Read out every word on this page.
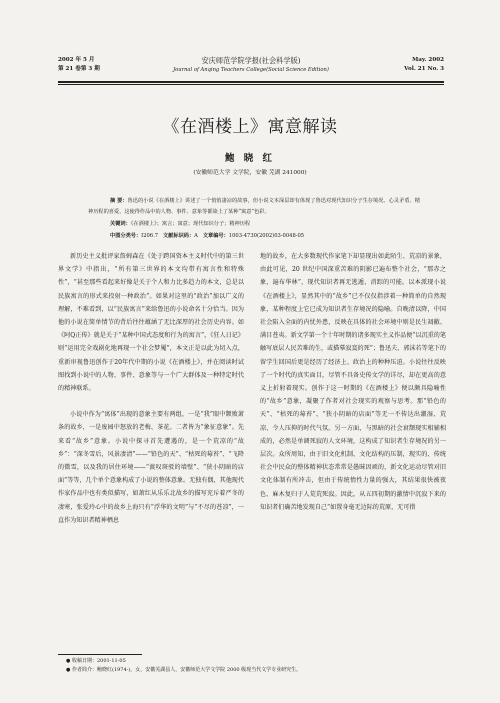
2002 年 5 月
第 21 卷第 3 期
安庆师范学院学报(社会科学版)
Journal of Anqing Teachers College(Social Science Edition)
May. 2002
Vol. 21 No. 3
《在酒楼上》寓意解读
鲍 晓 红
(安徽师范大学 文学院，安徽 芜湖 241000)
摘 要：鲁迅的小说《在酒楼上》讲述了一个悄悄凄凉的故事，但小说文本深层却有体现了鲁迅对现代知识分子生存境况、心灵矛盾、精神历程的喜爱、这使得作品中的人物、事件、意象等都染上了某种“寓意”色彩。
关键词：《在酒楼上》；寓言；寓意；现代知识分子；精神历程
中图分类号：I206.7 文献标识码：A 文章编号：1003-4730(2002)03-0048-05

新历史主义批评家詹姆森在《处于跨国资本主义时代中的第三世界文学》中指出，“所有第三世界的本文均带有寓言性和特殊性”，“甚至那些看起来好像是关于个人和力比多趋力的本文，总是以民族寓言的形式来投射一种政治”。如果对这里的“政治”加以广义的理解，不难看到，以“民族寓言”来给鲁迅的小说命名十分恰当。因为他的小说在简单情节的背后往往蕴涵了无比深厚的社会历史内容。如《阿Q正传》就是关于“某种中国式态度和行为的寓言”，《狂人日记》则“运用完全戏剧化地再现一个社会梦魇”，本文正是以此为切入点，重新审视鲁迅创作于20年代中期的小说《在酒楼上》，并在阅读时试图找到小说中的人物、事件、意象等与一个广大群体及一种特定时代的精神联系。

小说中作为“寓体”出现的意象主要有两组，一是“我”眼中颓败萧条的故乡，一是废园中怒放的老梅、茶花。二者皆为“象征意象”。先来看“故乡”意象。小说中探寻首先遭遇的，是一个荒凉的“故乡”：“深冬雪后，风景凄清”——“铅色的天”、“枯死的莓苔”、“飞降的微雪，以及我的居住环境——“渡叹斑驳的墙壁”、“狭小阴暗的店面”等等，几个单个意象构成了小说的整体意象。无独有偶，其他现代作家作品中也有类似描写，如萧红从乐乐北故乡的描写充斥着严冬的凄寒，张爱玲心中的故乡上海只有“浮华的文明”与“不尽的苍凉”，一直作为知识者精神栖息

地的故乡，在大多数现代作家笔下却显现出如此陌生、荒凉的景象，由此可见，20 世纪中国深重苦难的阴影已遍布整个社会，“那赤之象，遍布华林”，现代知识者再无逃遁、消踪的可能。以本派现小说《在酒楼上》，显然其中的“故乡”已不仅仅指涉着一种简单的自然现象，某种程度上它已成为知识者生存境况的隐喻。自晚清以降，中国社会陷入全面的内忧外患，反映在具体的社会环境中则是民生凋敝、满目苍夷。新文学第一个十年时期的诸多现实主义作品便“以沉重的笔触写底层人民苦难的生，或描摹寂寞的死”；鲁迅夫、郭沫若等笔下的留学生回国后更是经历了经济上、政治上的种种压迫。小说往往反映了一个时代的真实面目，尽管不具备史传文学的详尽，却在更高的意义上折射着现实。创作于这一时期的《在酒楼上》便以颇具隐喻性的“故乡”意象，凝聚了作者对社会现实的观察与思考。那“铅色的天”、“枯死的莓苔”、“狭小阴暗的店面”等无一不传达出潮湿、荒凉、令人压抑的时代气氛。另一方面，与黑暗的社会衰颓现实相辅相成的，必然是单调死寂的人文环境，这构成了知识者生存境况的另一层次。众所周知，由于旧文化机制、文化结构的压制，现实的、传统社会中民众的整体精神状态常常是愚昧因顽的，新文化运动尽管对旧文化体制有所冲击，但由于传统惰性力量的强大，其结果很快被夜色、麻木复归于人荒荒死寂。因此，从五四初期的激情中沉寂下来的知识者们确苦地发现自己“如置身毫无边际的荒原，无可措

● 收稿日期：2001-11-05
● 作者简介：鲍晓红(1974-)，女，安徽芜湖县人，安徽师范大学文学院 2000 级现当代文学专业研究生。
